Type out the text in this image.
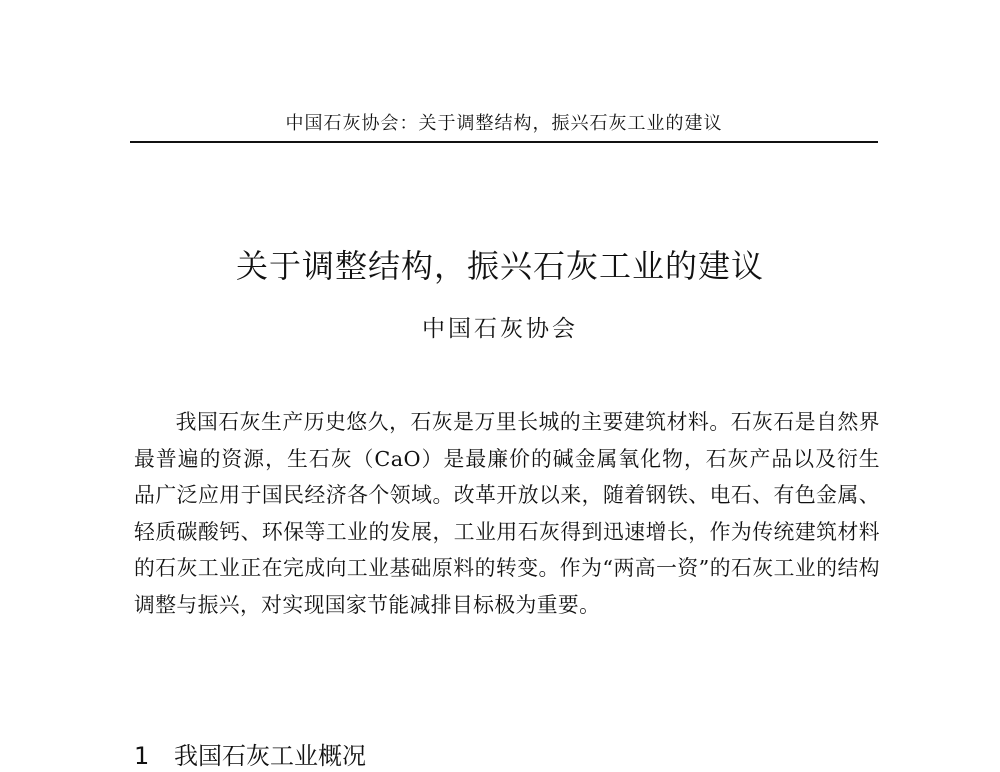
中国石灰协会：关于调整结构，振兴石灰工业的建议
关于调整结构，振兴石灰工业的建议
中国石灰协会

我国石灰生产历史悠久，石灰是万里长城的主要建筑材料。石灰石是自然界最普遍的资源，生石灰（CaO）是最廉价的碱金属氧化物，石灰产品以及衍生品广泛应用于国民经济各个领域。改革开放以来，随着钢铁、电石、有色金属、轻质碳酸钙、环保等工业的发展，工业用石灰得到迅速增长，作为传统建筑材料的石灰工业正在完成向工业基础原料的转变。作为“两高一资”的石灰工业的结构调整与振兴，对实现国家节能减排目标极为重要。

1 我国石灰工业概况
